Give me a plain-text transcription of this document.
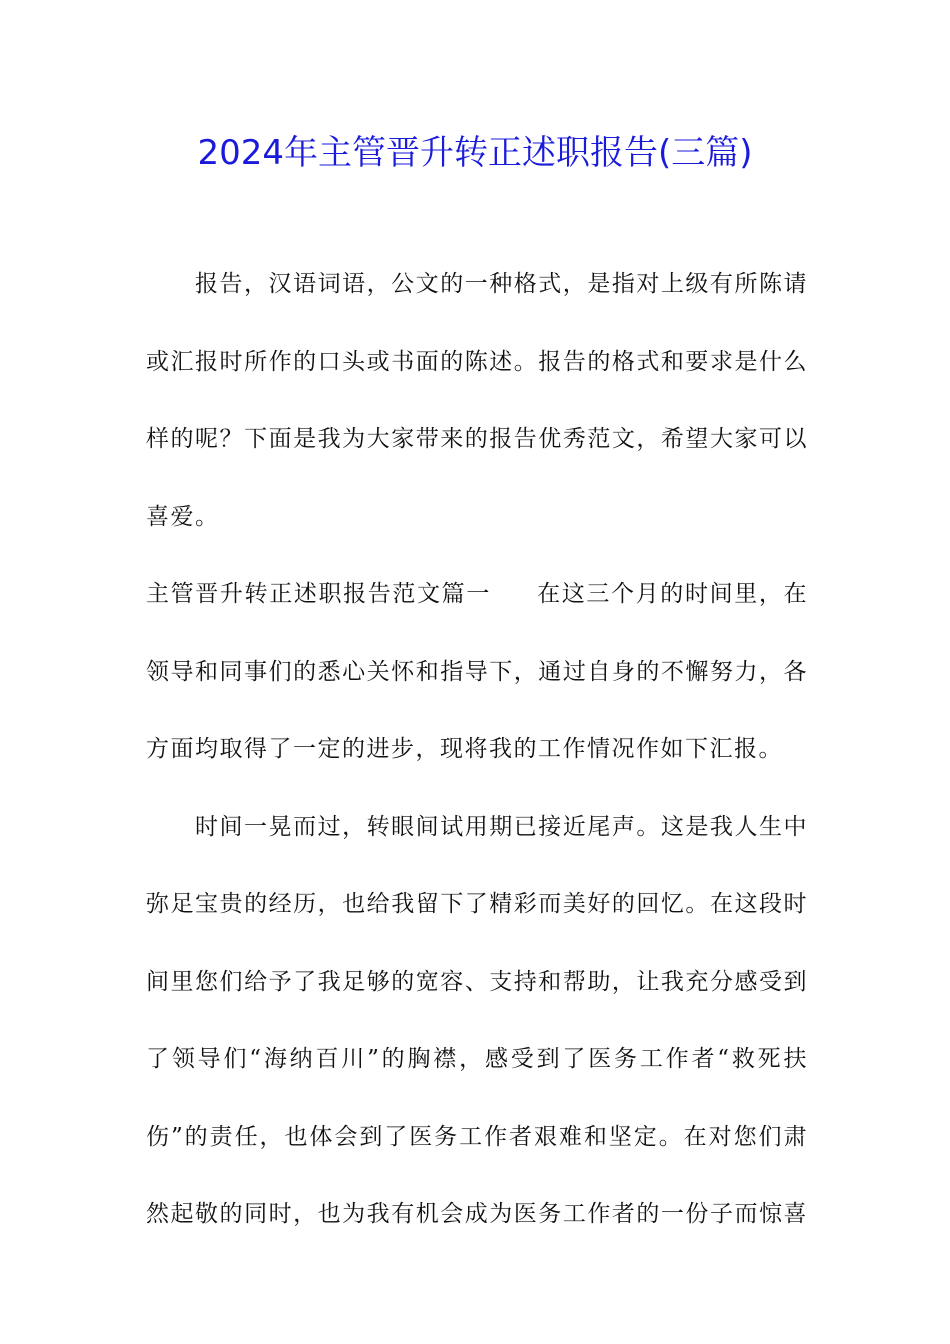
2024年主管晋升转正述职报告(三篇)
报告，汉语词语，公文的一种格式，是指对上级有所陈请
或汇报时所作的口头或书面的陈述。报告的格式和要求是什么
样的呢？下面是我为大家带来的报告优秀范文，希望大家可以
喜爱。
主管晋升转正述职报告范文篇一 在这三个月的时间里，在
领导和同事们的悉心关怀和指导下，通过自身的不懈努力，各
方面均取得了一定的进步，现将我的工作情况作如下汇报。
时间一晃而过，转眼间试用期已接近尾声。这是我人生中
弥足宝贵的经历，也给我留下了精彩而美好的回忆。在这段时
间里您们给予了我足够的宽容、支持和帮助，让我充分感受到
了领导们“海纳百川”的胸襟，感受到了医务工作者“救死扶
伤”的责任，也体会到了医务工作者艰难和坚定。在对您们肃
然起敬的同时，也为我有机会成为医务工作者的一份子而惊喜
